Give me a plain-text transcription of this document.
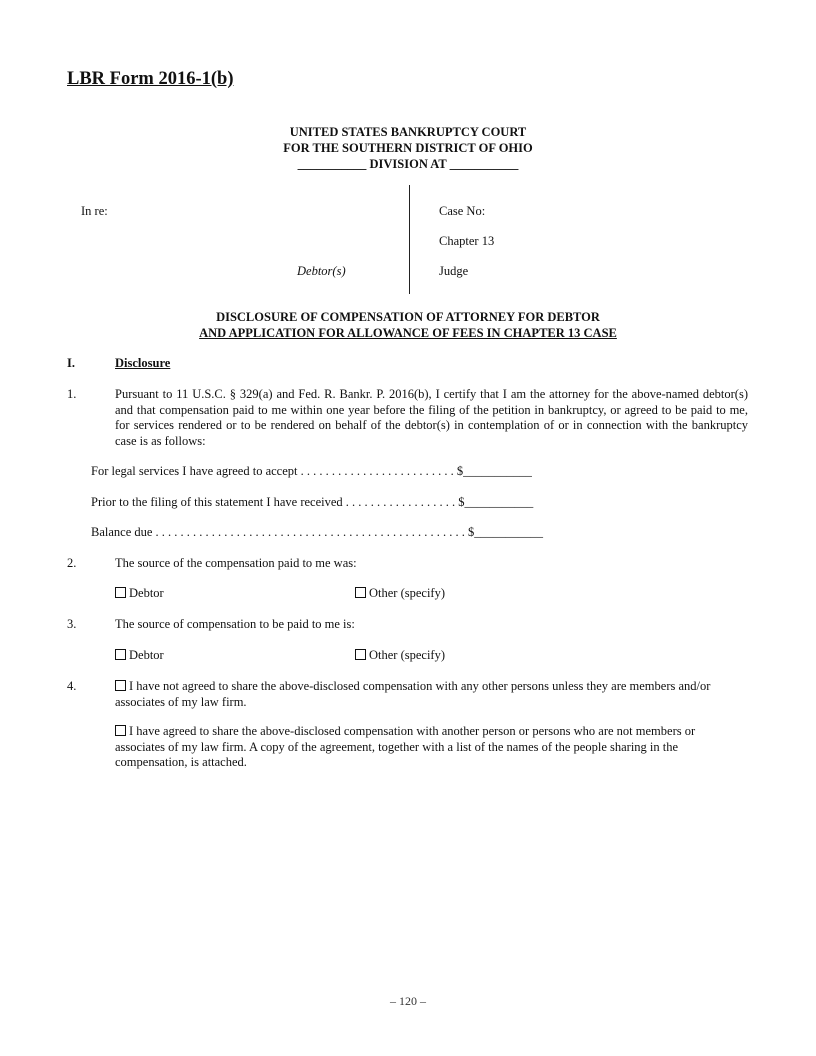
LBR Form 2016-1(b)
UNITED STATES BANKRUPTCY COURT
FOR THE SOUTHERN DISTRICT OF OHIO
___________ DIVISION AT ___________
In re:
Debtor(s)
Case No:
Chapter 13
Judge
DISCLOSURE OF COMPENSATION OF ATTORNEY FOR DEBTOR
AND APPLICATION FOR ALLOWANCE OF FEES IN CHAPTER 13 CASE
I.	Disclosure
1.	Pursuant to 11 U.S.C. § 329(a) and Fed. R. Bankr. P. 2016(b), I certify that I am the attorney for the above-named debtor(s) and that compensation paid to me within one year before the filing of the petition in bankruptcy, or agreed to be paid to me, for services rendered or to be rendered on behalf of the debtor(s) in contemplation of or in connection with the bankruptcy case is as follows:
For legal services I have agreed to accept . . . . . . . . . . . . . . . . . . . . . . . . . $___________
Prior to the filing of this statement I have received . . . . . . . . . . . . . . . . . . $___________
Balance due . . . . . . . . . . . . . . . . . . . . . . . . . . . . . . . . . . . . . . . . . . . . . . . . . . $___________
2.	The source of the compensation paid to me was:
Debtor	Other (specify)
3.	The source of compensation to be paid to me is:
Debtor	Other (specify)
4.	I have not agreed to share the above-disclosed compensation with any other persons unless they are members and/or associates of my law firm.
I have agreed to share the above-disclosed compensation with another person or persons who are not members or associates of my law firm. A copy of the agreement, together with a list of the names of the people sharing in the compensation, is attached.
– 120 –
